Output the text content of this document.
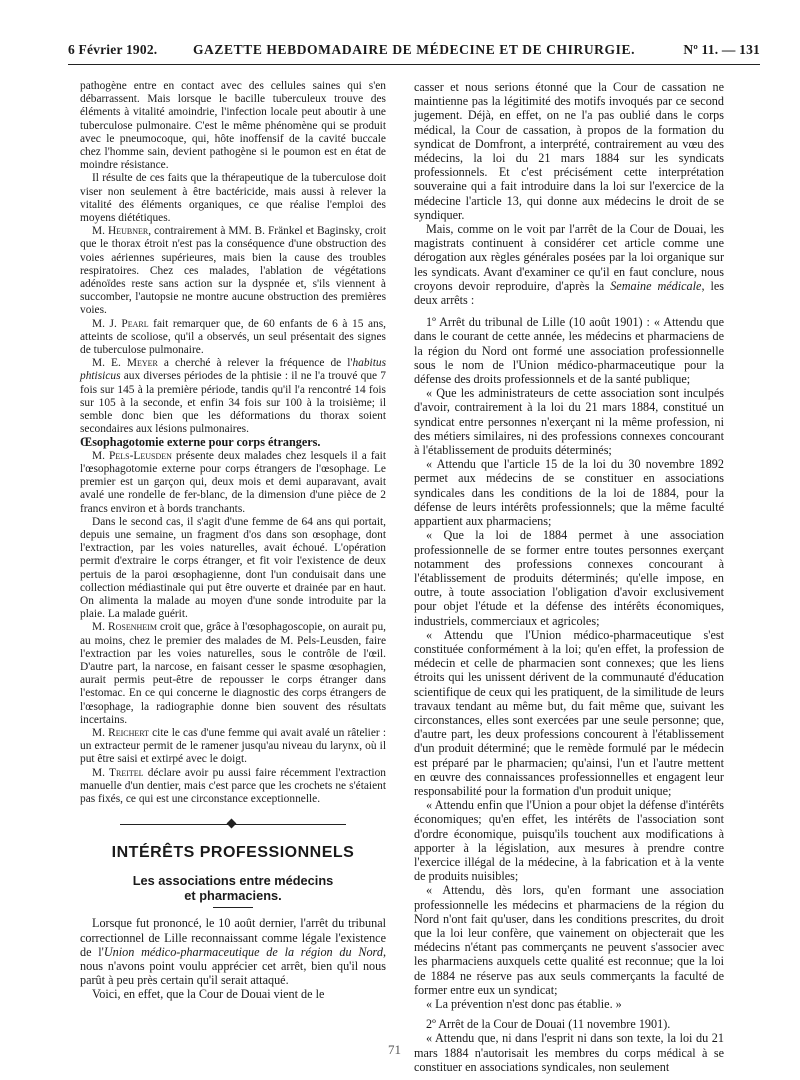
6 Février 1902.	GAZETTE HEBDOMADAIRE DE MÉDECINE ET DE CHIRURGIE.	Nº 11. — 131

pathogène entre en contact avec des cellules saines qui s'en débarrassent. Mais lorsque le bacille tuberculeux trouve des éléments à vitalité amoindrie, l'infection locale peut aboutir à une tuberculose pulmonaire. C'est le même phénomène qui se produit avec le pneumocoque, qui, hôte inoffensif de la cavité buccale chez l'homme sain, devient pathogène si le poumon est en état de moindre résistance.

Il résulte de ces faits que la thérapeutique de la tuberculose doit viser non seulement à être bactéricide, mais aussi à relever la vitalité des éléments organiques, ce que réalise l'emploi des moyens diététiques.

M. Heubner, contrairement à MM. B. Fränkel et Baginsky, croit que le thorax étroit n'est pas la conséquence d'une obstruction des voies aériennes supérieures, mais bien la cause des troubles respiratoires. Chez ces malades, l'ablation de végétations adénoïdes reste sans action sur la dyspnée et, s'ils viennent à succomber, l'autopsie ne montre aucune obstruction des premières voies.

M. J. Pearl fait remarquer que, de 60 enfants de 6 à 15 ans, atteints de scoliose, qu'il a observés, un seul présentait des signes de tuberculose pulmonaire.

M. E. Meyer a cherché à relever la fréquence de l'habitus phtisicus aux diverses périodes de la phtisie : il ne l'a trouvé que 7 fois sur 145 à la première période, tandis qu'il l'a rencontré 14 fois sur 105 à la seconde, et enfin 34 fois sur 100 à la troisième; il semble donc bien que les déformations du thorax soient secondaires aux lésions pulmonaires.

Œsophagotomie externe pour corps étrangers.

M. Pels-Leusden présente deux malades chez lesquels il a fait l'œsophagotomie externe pour corps étrangers de l'œsophage. Le premier est un garçon qui, deux mois et demi auparavant, avait avalé une rondelle de fer-blanc, de la dimension d'une pièce de 2 francs environ et à bords tranchants.

Dans le second cas, il s'agit d'une femme de 64 ans qui portait, depuis une semaine, un fragment d'os dans son œsophage, dont l'extraction, par les voies naturelles, avait échoué. L'opération permit d'extraire le corps étranger, et fit voir l'existence de deux pertuis de la paroi œsophagienne, dont l'un conduisait dans une collection médiastinale qui put être ouverte et drainée par en haut. On alimenta la malade au moyen d'une sonde introduite par la plaie. La malade guérit.

M. Rosenheim croit que, grâce à l'œsophagoscopie, on aurait pu, au moins, chez le premier des malades de M. Pels-Leusden, faire l'extraction par les voies naturelles, sous le contrôle de l'œil. D'autre part, la narcose, en faisant cesser le spasme œsophagien, aurait permis peut-être de repousser le corps étranger dans l'estomac. En ce qui concerne le diagnostic des corps étrangers de l'œsophage, la radiographie donne bien souvent des résultats incertains.

M. Reichert cite le cas d'une femme qui avait avalé un râtelier : un extracteur permit de le ramener jusqu'au niveau du larynx, où il put être saisi et extirpé avec le doigt.

M. Treitel déclare avoir pu aussi faire récemment l'extraction manuelle d'un dentier, mais c'est parce que les crochets ne s'étaient pas fixés, ce qui est une circonstance exceptionnelle.

INTÉRÊTS PROFESSIONNELS
Les associations entre médecins
et pharmaciens.

Lorsque fut prononcé, le 10 août dernier, l'arrêt du tribunal correctionnel de Lille reconnaissant comme légale l'existence de l'Union médico-pharmaceutique de la région du Nord, nous n'avons point voulu apprécier cet arrêt, bien qu'il nous parût à peu près certain qu'il serait attaqué.

Voici, en effet, que la Cour de Douai vient de le

casser et nous serions étonné que la Cour de cassation ne maintienne pas la légitimité des motifs invoqués par ce second jugement. Déjà, en effet, on ne l'a pas oublié dans le corps médical, la Cour de cassation, à propos de la formation du syndicat de Domfront, a interprété, contrairement au vœu des médecins, la loi du 21 mars 1884 sur les syndicats professionnels. Et c'est précisément cette interprétation souveraine qui a fait introduire dans la loi sur l'exercice de la médecine l'article 13, qui donne aux médecins le droit de se syndiquer.

Mais, comme on le voit par l'arrêt de la Cour de Douai, les magistrats continuent à considérer cet article comme une dérogation aux règles générales posées par la loi organique sur les syndicats. Avant d'examiner ce qu'il en faut conclure, nous croyons devoir reproduire, d'après la Semaine médicale, les deux arrêts :

1º Arrêt du tribunal de Lille (10 août 1901) : « Attendu que dans le courant de cette année, les médecins et pharmaciens de la région du Nord ont formé une association professionnelle sous le nom de l'Union médico-pharmaceutique pour la défense des droits professionnels et de la santé publique;

« Que les administrateurs de cette association sont inculpés d'avoir, contrairement à la loi du 21 mars 1884, constitué un syndicat entre personnes n'exerçant ni la même profession, ni des métiers similaires, ni des professions connexes concourant à l'établissement de produits déterminés;

« Attendu que l'article 15 de la loi du 30 novembre 1892 permet aux médecins de se constituer en associations syndicales dans les conditions de la loi de 1884, pour la défense de leurs intérêts professionnels; que la même faculté appartient aux pharmaciens;

« Que la loi de 1884 permet à une association professionnelle de se former entre toutes personnes exerçant notamment des professions connexes concourant à l'établissement de produits déterminés; qu'elle impose, en outre, à toute association l'obligation d'avoir exclusivement pour objet l'étude et la défense des intérêts économiques, industriels, commerciaux et agricoles;

« Attendu que l'Union médico-pharmaceutique s'est constituée conformément à la loi; qu'en effet, la profession de médecin et celle de pharmacien sont connexes; que les liens étroits qui les unissent dérivent de la communauté d'éducation scientifique de ceux qui les pratiquent, de la similitude de leurs travaux tendant au même but, du fait même que, suivant les circonstances, elles sont exercées par une seule personne; que, d'autre part, les deux professions concourent à l'établissement d'un produit déterminé; que le remède formulé par le médecin est préparé par le pharmacien; qu'ainsi, l'un et l'autre mettent en œuvre des connaissances professionnelles et engagent leur responsabilité pour la formation d'un produit unique;

« Attendu enfin que l'Union a pour objet la défense d'intérêts économiques; qu'en effet, les intérêts de l'association sont d'ordre économique, puisqu'ils touchent aux modifications à apporter à la législation, aux mesures à prendre contre l'exercice illégal de la médecine, à la fabrication et à la vente de produits nuisibles;

« Attendu, dès lors, qu'en formant une association professionnelle les médecins et pharmaciens de la région du Nord n'ont fait qu'user, dans les conditions prescrites, du droit que la loi leur confère, que vainement on objecterait que les médecins n'étant pas commerçants ne peuvent s'associer avec les pharmaciens auxquels cette qualité est reconnue; que la loi de 1884 ne réserve pas aux seuls commerçants la faculté de former entre eux un syndicat;

« La prévention n'est donc pas établie. »

2º Arrêt de la Cour de Douai (11 novembre 1901).

« Attendu que, ni dans l'esprit ni dans son texte, la loi du 21 mars 1884 n'autorisait les membres du corps médical à se constituer en associations syndicales, non seulement

71
